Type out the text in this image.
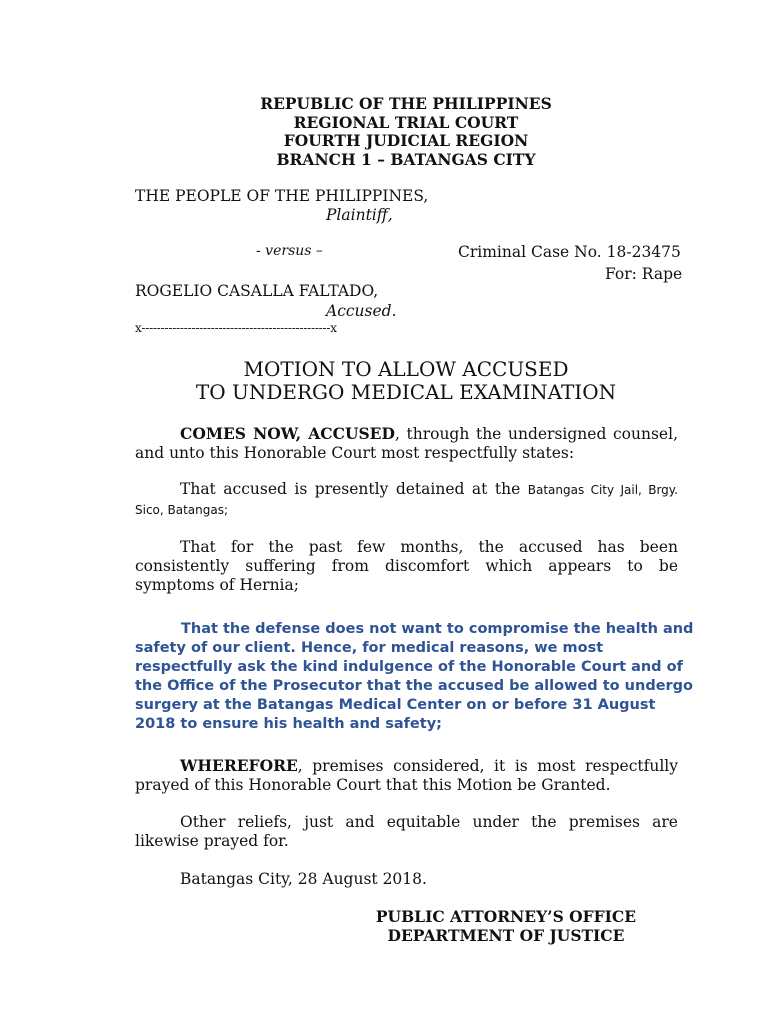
REPUBLIC OF THE PHILIPPINES
REGIONAL TRIAL COURT
FOURTH JUDICIAL REGION
BRANCH 1 – BATANGAS CITY
THE PEOPLE OF THE PHILIPPINES,
Plaintiff,
- versus –	Criminal Case No. 18-23475
For: Rape
ROGELIO CASALLA FALTADO,
Accused.
x-------------------------------------------------x
MOTION TO ALLOW ACCUSED
TO UNDERGO MEDICAL EXAMINATION

COMES NOW, ACCUSED, through the undersigned counsel, and unto this Honorable Court most respectfully states:

That accused is presently detained at the Batangas City Jail, Brgy. Sico, Batangas;

That for the past few months, the accused has been consistently suffering from discomfort which appears to be symptoms of Hernia;

That the defense does not want to compromise the health and
safety of our client. Hence, for medical reasons, we most
respectfully ask the kind indulgence of the Honorable Court and of
the Office of the Prosecutor that the accused be allowed to undergo
surgery at the Batangas Medical Center on or before 31 August
2018 to ensure his health and safety;

WHEREFORE, premises considered, it is most respectfully prayed of this Honorable Court that this Motion be Granted.

Other reliefs, just and equitable under the premises are likewise prayed for.

Batangas City, 28 August 2018.
PUBLIC ATTORNEY’S OFFICE
DEPARTMENT OF JUSTICE
